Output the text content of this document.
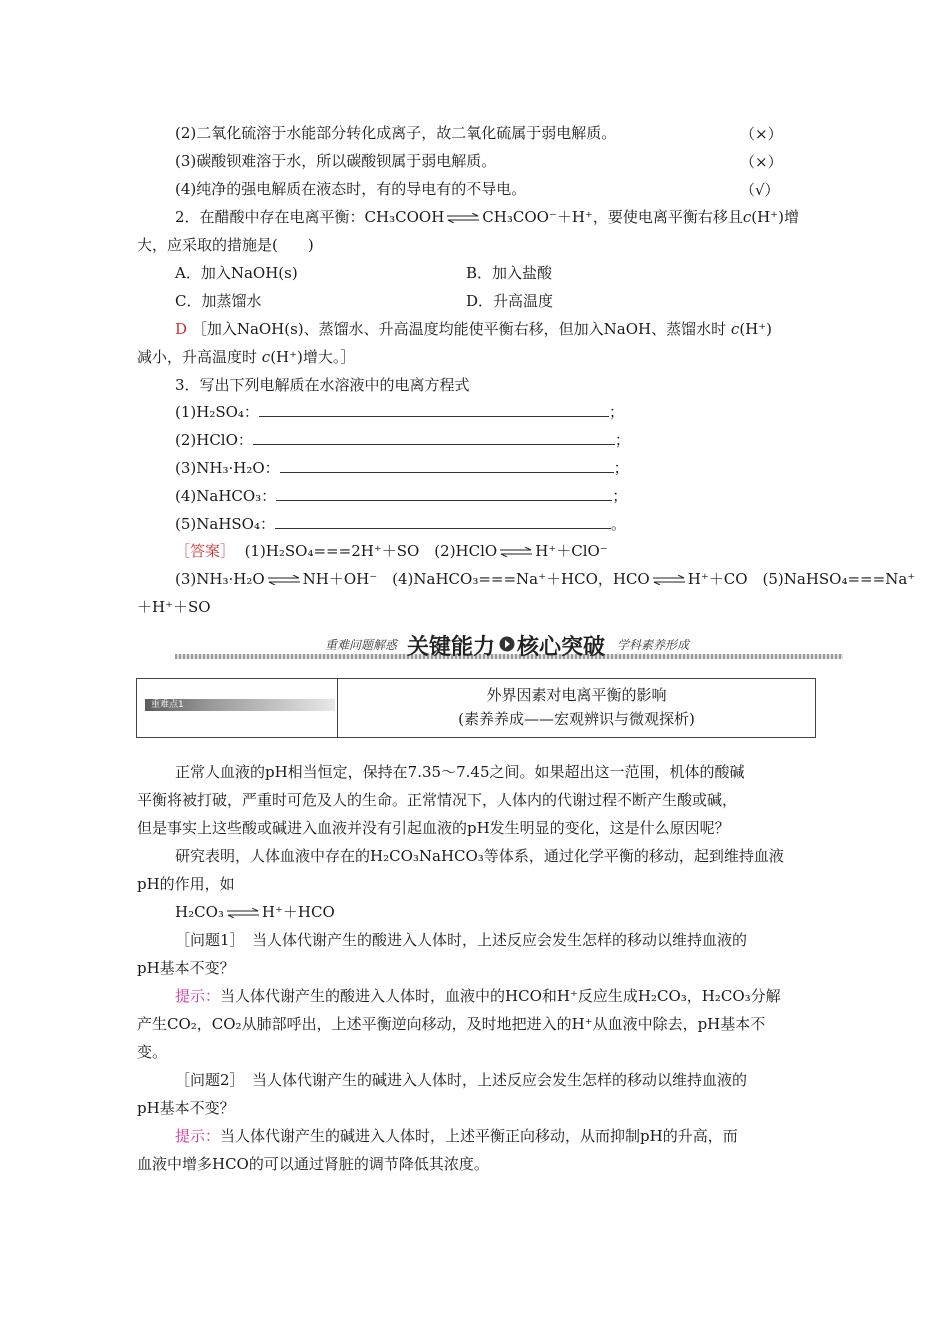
(2)二氧化硫溶于水能部分转化成离子，故二氧化硫属于弱电解质。	（×）
(3)碳酸钡难溶于水，所以碳酸钡属于弱电解质。	（×）
(4)纯净的强电解质在液态时，有的导电有的不导电。	（√）
2．在醋酸中存在电离平衡：CH₃COOH⇌CH₃COO⁻＋H⁺，要使电离平衡右移且c(H⁺)增
大，应采取的措施是(　　)
A．加入NaOH(s)	B．加入盐酸
C．加蒸馏水	D．升高温度
D ［加入NaOH(s)、蒸馏水、升高温度均能使平衡右移，但加入NaOH、蒸馏水时 c(H⁺)
减小，升高温度时 c(H⁺)增大。］
3．写出下列电解质在水溶液中的电离方程式
(1)H₂SO₄：	；
(2)HClO：	；
(3)NH₃·H₂O：	；
(4)NaHCO₃：	；
(5)NaHSO₄：	。
［答案］ (1)H₂SO₄===2H⁺＋SO　(2)HClO⇌H⁺＋ClO⁻
(3)NH₃·H₂O⇌NH＋OH⁻　(4)NaHCO₃===Na⁺＋HCO，HCO⇌H⁺＋CO　(5)NaHSO₄===Na⁺
＋H⁺＋SO
重难问题解惑 关键能力 核心突破 学科素养形成
重难点1
外界因素对电离平衡的影响
(素养养成——宏观辨识与微观探析)
正常人血液的pH相当恒定，保持在7.35～7.45之间。如果超出这一范围，机体的酸碱
平衡将被打破，严重时可危及人的生命。正常情况下，人体内的代谢过程不断产生酸或碱，
但是事实上这些酸或碱进入血液并没有引起血液的pH发生明显的变化，这是什么原因呢？
研究表明，人体血液中存在的H₂CO₃NaHCO₃等体系，通过化学平衡的移动，起到维持血液
pH的作用，如
H₂CO₃⇌H⁺＋HCO
［问题1］　当人体代谢产生的酸进入人体时，上述反应会发生怎样的移动以维持血液的
pH基本不变？
提示：当人体代谢产生的酸进入人体时，血液中的HCO和H⁺反应生成H₂CO₃，H₂CO₃分解
产生CO₂，CO₂从肺部呼出，上述平衡逆向移动，及时地把进入的H⁺从血液中除去，pH基本不
变。
［问题2］　当人体代谢产生的碱进入人体时，上述反应会发生怎样的移动以维持血液的
pH基本不变？
提示：当人体代谢产生的碱进入人体时，上述平衡正向移动，从而抑制pH的升高，而
血液中增多HCO的可以通过肾脏的调节降低其浓度。
